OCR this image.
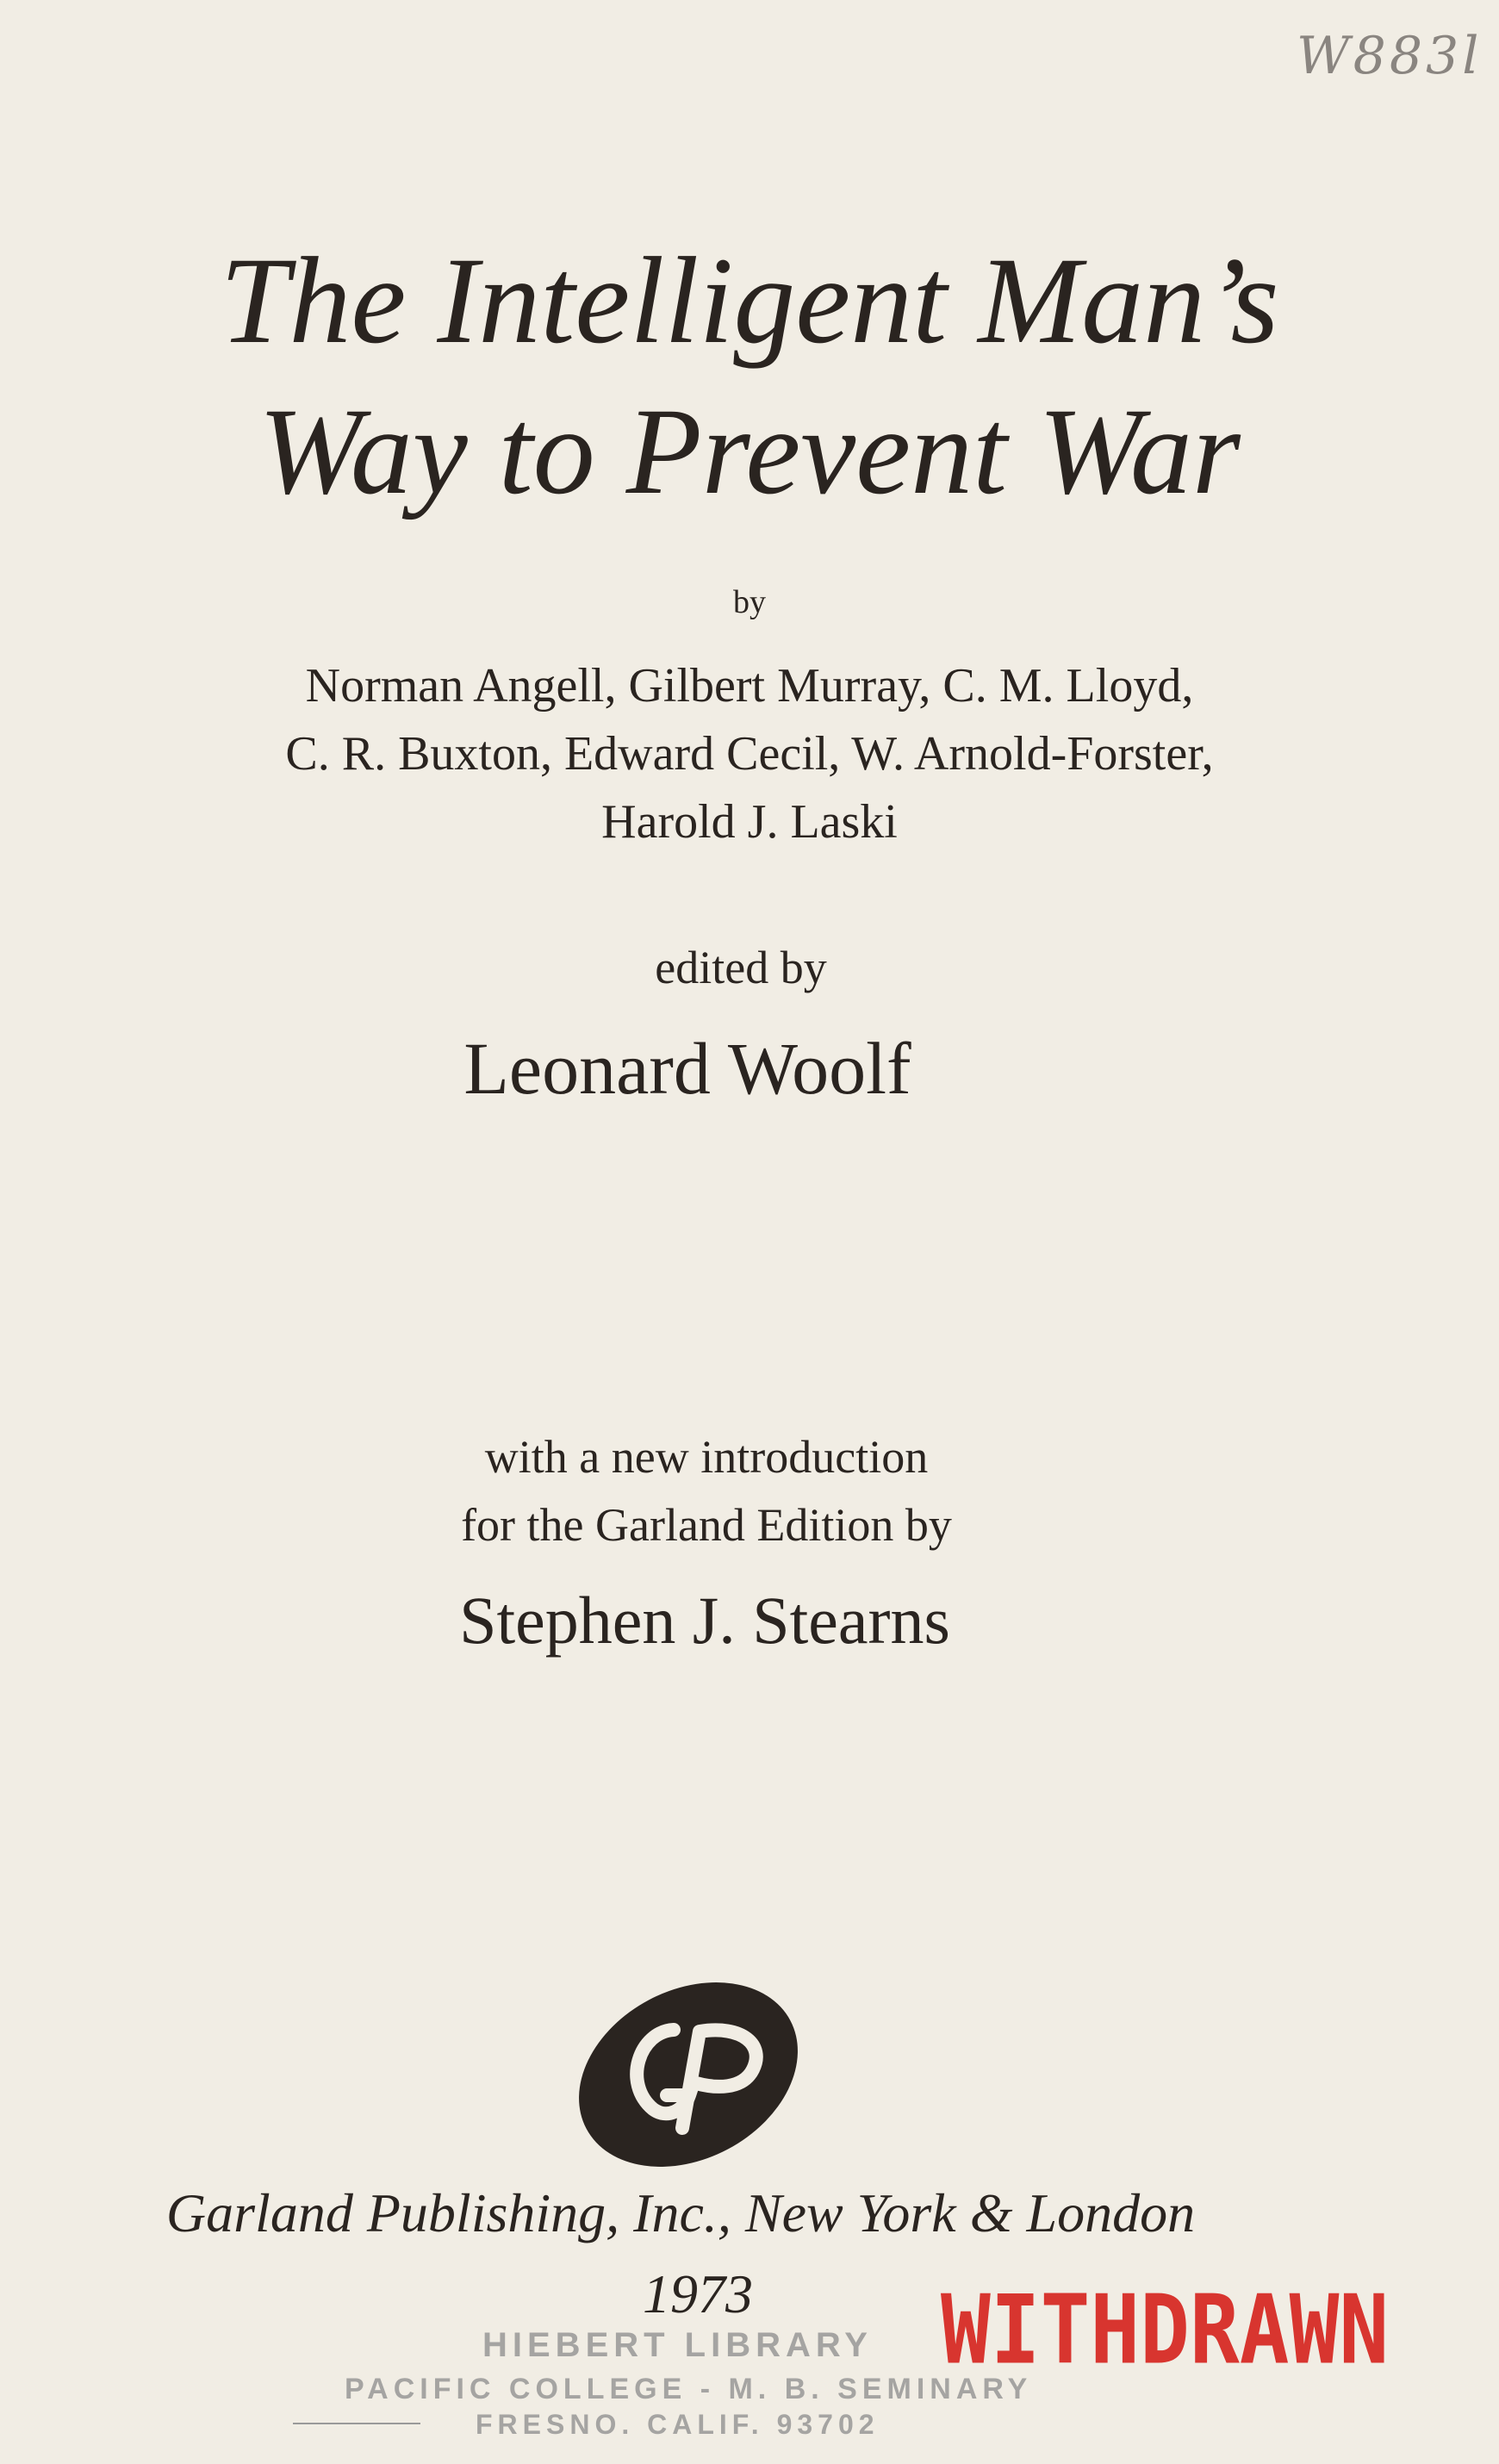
W883l
The Intelligent Man’s
Way to Prevent War
by
Norman Angell, Gilbert Murray, C. M. Lloyd,
C. R. Buxton, Edward Cecil, W. Arnold-Forster,
Harold J. Laski
edited by
Leonard Woolf
with a new introduction
for the Garland Edition by
Stephen J. Stearns
Garland Publishing, Inc., New York & London
1973
HIEBERT LIBRARY
PACIFIC COLLEGE - M. B. SEMINARY
FRESNO. CALIF. 93702
WITHDRAWN
